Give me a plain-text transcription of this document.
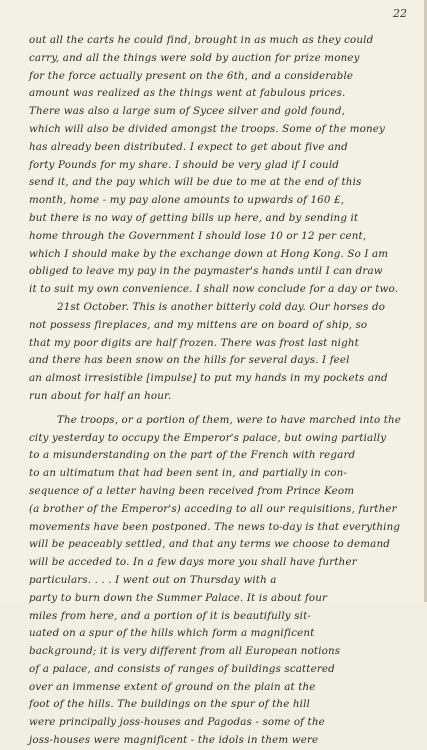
22
out all the carts he could find, brought in as much as they could
carry, and all the things were sold by auction for prize money
for the force actually present on the 6th, and a considerable
amount was realized as the things went at fabulous prices.
There was also a large sum of Sycee silver and gold found,
which will also be divided amongst the troops. Some of the money
has already been distributed. I expect to get about five and
forty Pounds for my share. I should be very glad if I could
send it, and the pay which will be due to me at the end of this
month, home - my pay alone amounts to upwards of 160 £,
but there is no way of getting bills up here, and by sending it
home through the Government I should lose 10 or 12 per cent,
which I should make by the exchange down at Hong Kong. So I am
obliged to leave my pay in the paymaster's hands until I can draw
it to suit my own convenience. I shall now conclude for a day or two.
21st October. This is another bitterly cold day. Our horses do
not possess fireplaces, and my mittens are on board of ship, so
that my poor digits are half frozen. There was frost last night
and there has been snow on the hills for several days. I feel
an almost irresistible [impulse] to put my hands in my pockets and
run about for half an hour.
The troops, or a portion of them, were to have marched into the
city yesterday to occupy the Emperor's palace, but owing partially
to a misunderstanding on the part of the French with regard
to an ultimatum that had been sent in, and partially in con-
sequence of a letter having been received from Prince Keom
(a brother of the Emperor's) acceding to all our requisitions, further
movements have been postponed. The news to-day is that everything
will be peaceably settled, and that any terms we choose to demand
will be acceded to. In a few days more you shall have further
particulars. . . . I went out on Thursday with a
party to burn down the Summer Palace. It is about four
miles from here, and a portion of it is beautifully sit-
uated on a spur of the hills which form a magnificent
background; it is very different from all European notions
of a palace, and consists of ranges of buildings scattered
over an immense extent of ground on the plain at the
foot of the hills. The buildings on the spur of the hill
were principally joss-houses and Pagodas - some of the
joss-houses were magnificent - the idols in them were
